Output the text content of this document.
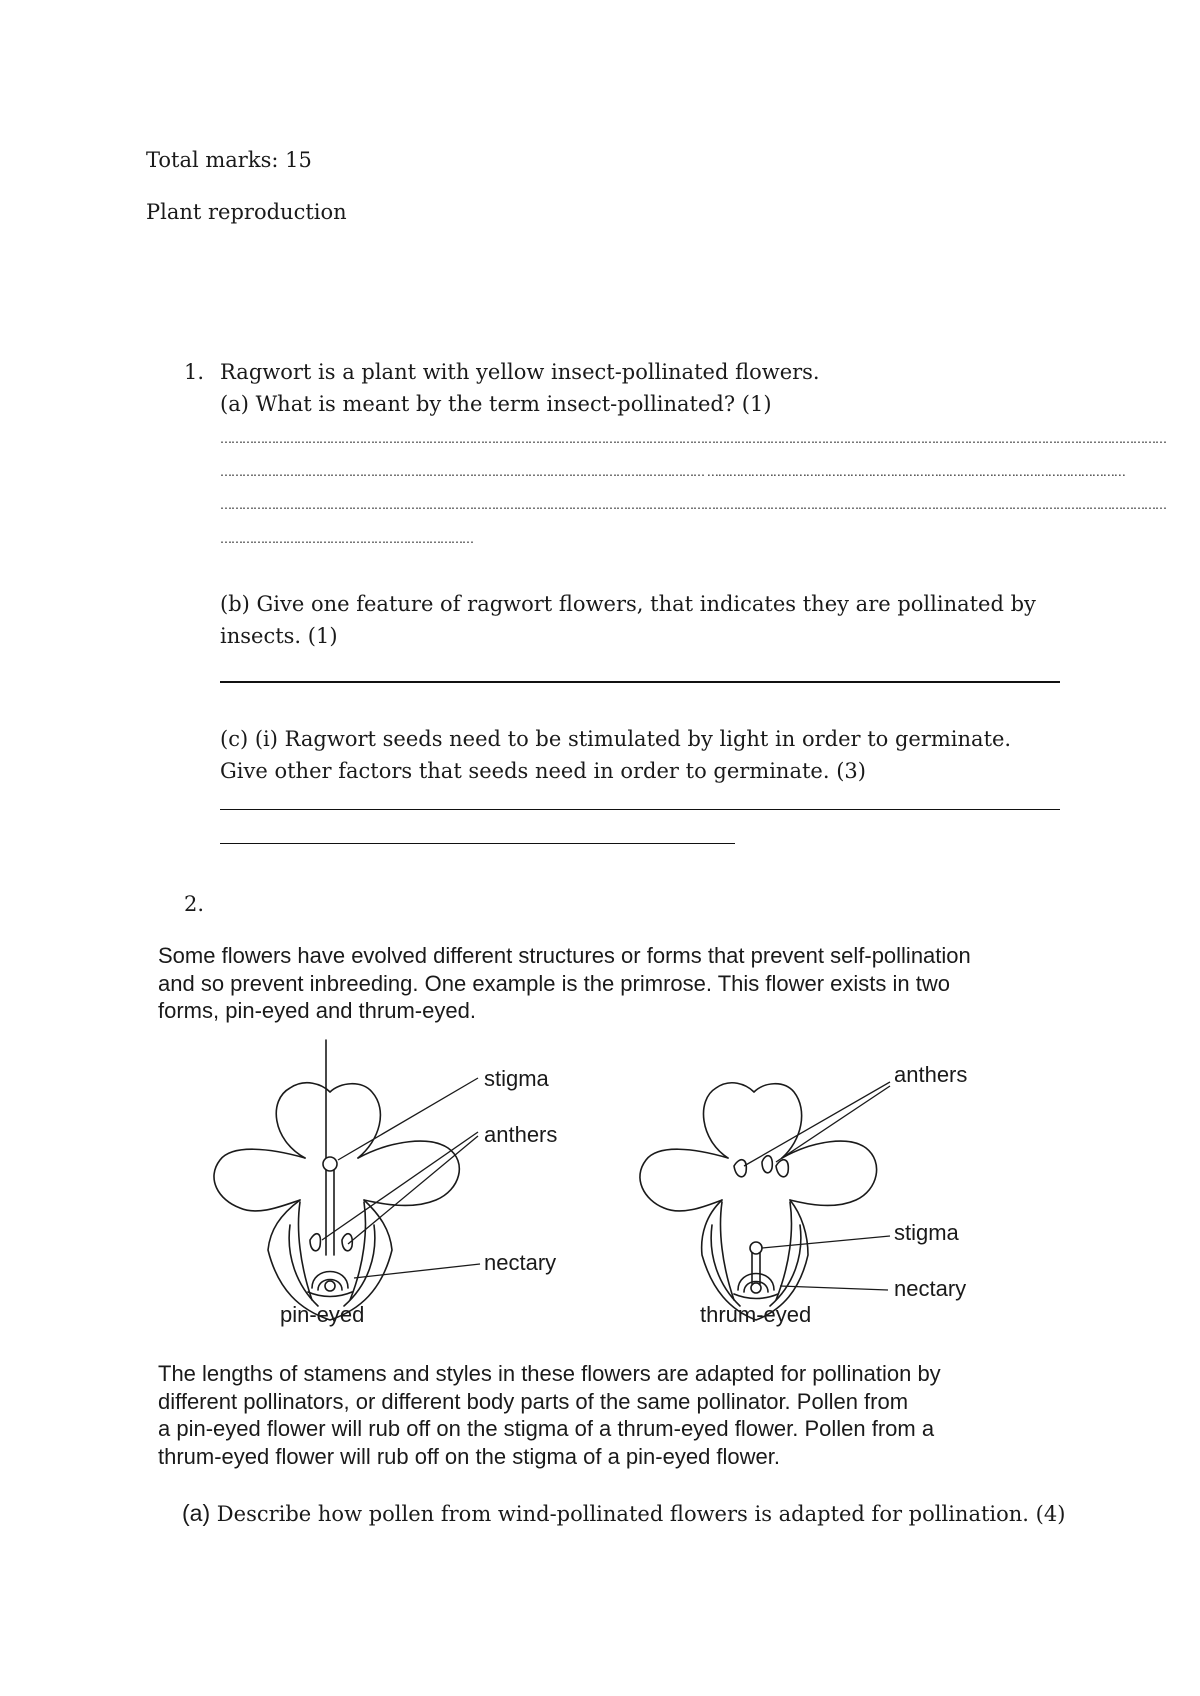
Total marks: 15
Plant reproduction
1. Ragwort is a plant with yellow insect-pollinated flowers.
(a) What is meant by the term insect-pollinated? (1)
……………………………………………………………………………………………………………………………………………………………………………………………………………………………………
…………………………………………………………………………………………………………………… ……………………………………………………………………………………………………
……………………………………………………………………………………………………………………………………………………………………………………………………………………………………
……………………………………………………………
(b) Give one feature of ragwort flowers, that indicates they are pollinated by
insects. (1)
(c) (i) Ragwort seeds need to be stimulated by light in order to germinate.
Give other factors that seeds need in order to germinate. (3)
2.
Some flowers have evolved different structures or forms that prevent self-pollination
and so prevent inbreeding. One example is the primrose. This flower exists in two
forms, pin-eyed and thrum-eyed.
stigma
anthers
nectary
pin-eyed
anthers
stigma
nectary
thrum-eyed
The lengths of stamens and styles in these flowers are adapted for pollination by
different pollinators, or different body parts of the same pollinator. Pollen from
a pin-eyed flower will rub off on the stigma of a thrum-eyed flower. Pollen from a
thrum-eyed flower will rub off on the stigma of a pin-eyed flower.
(a) Describe how pollen from wind-pollinated flowers is adapted for pollination. (4)
